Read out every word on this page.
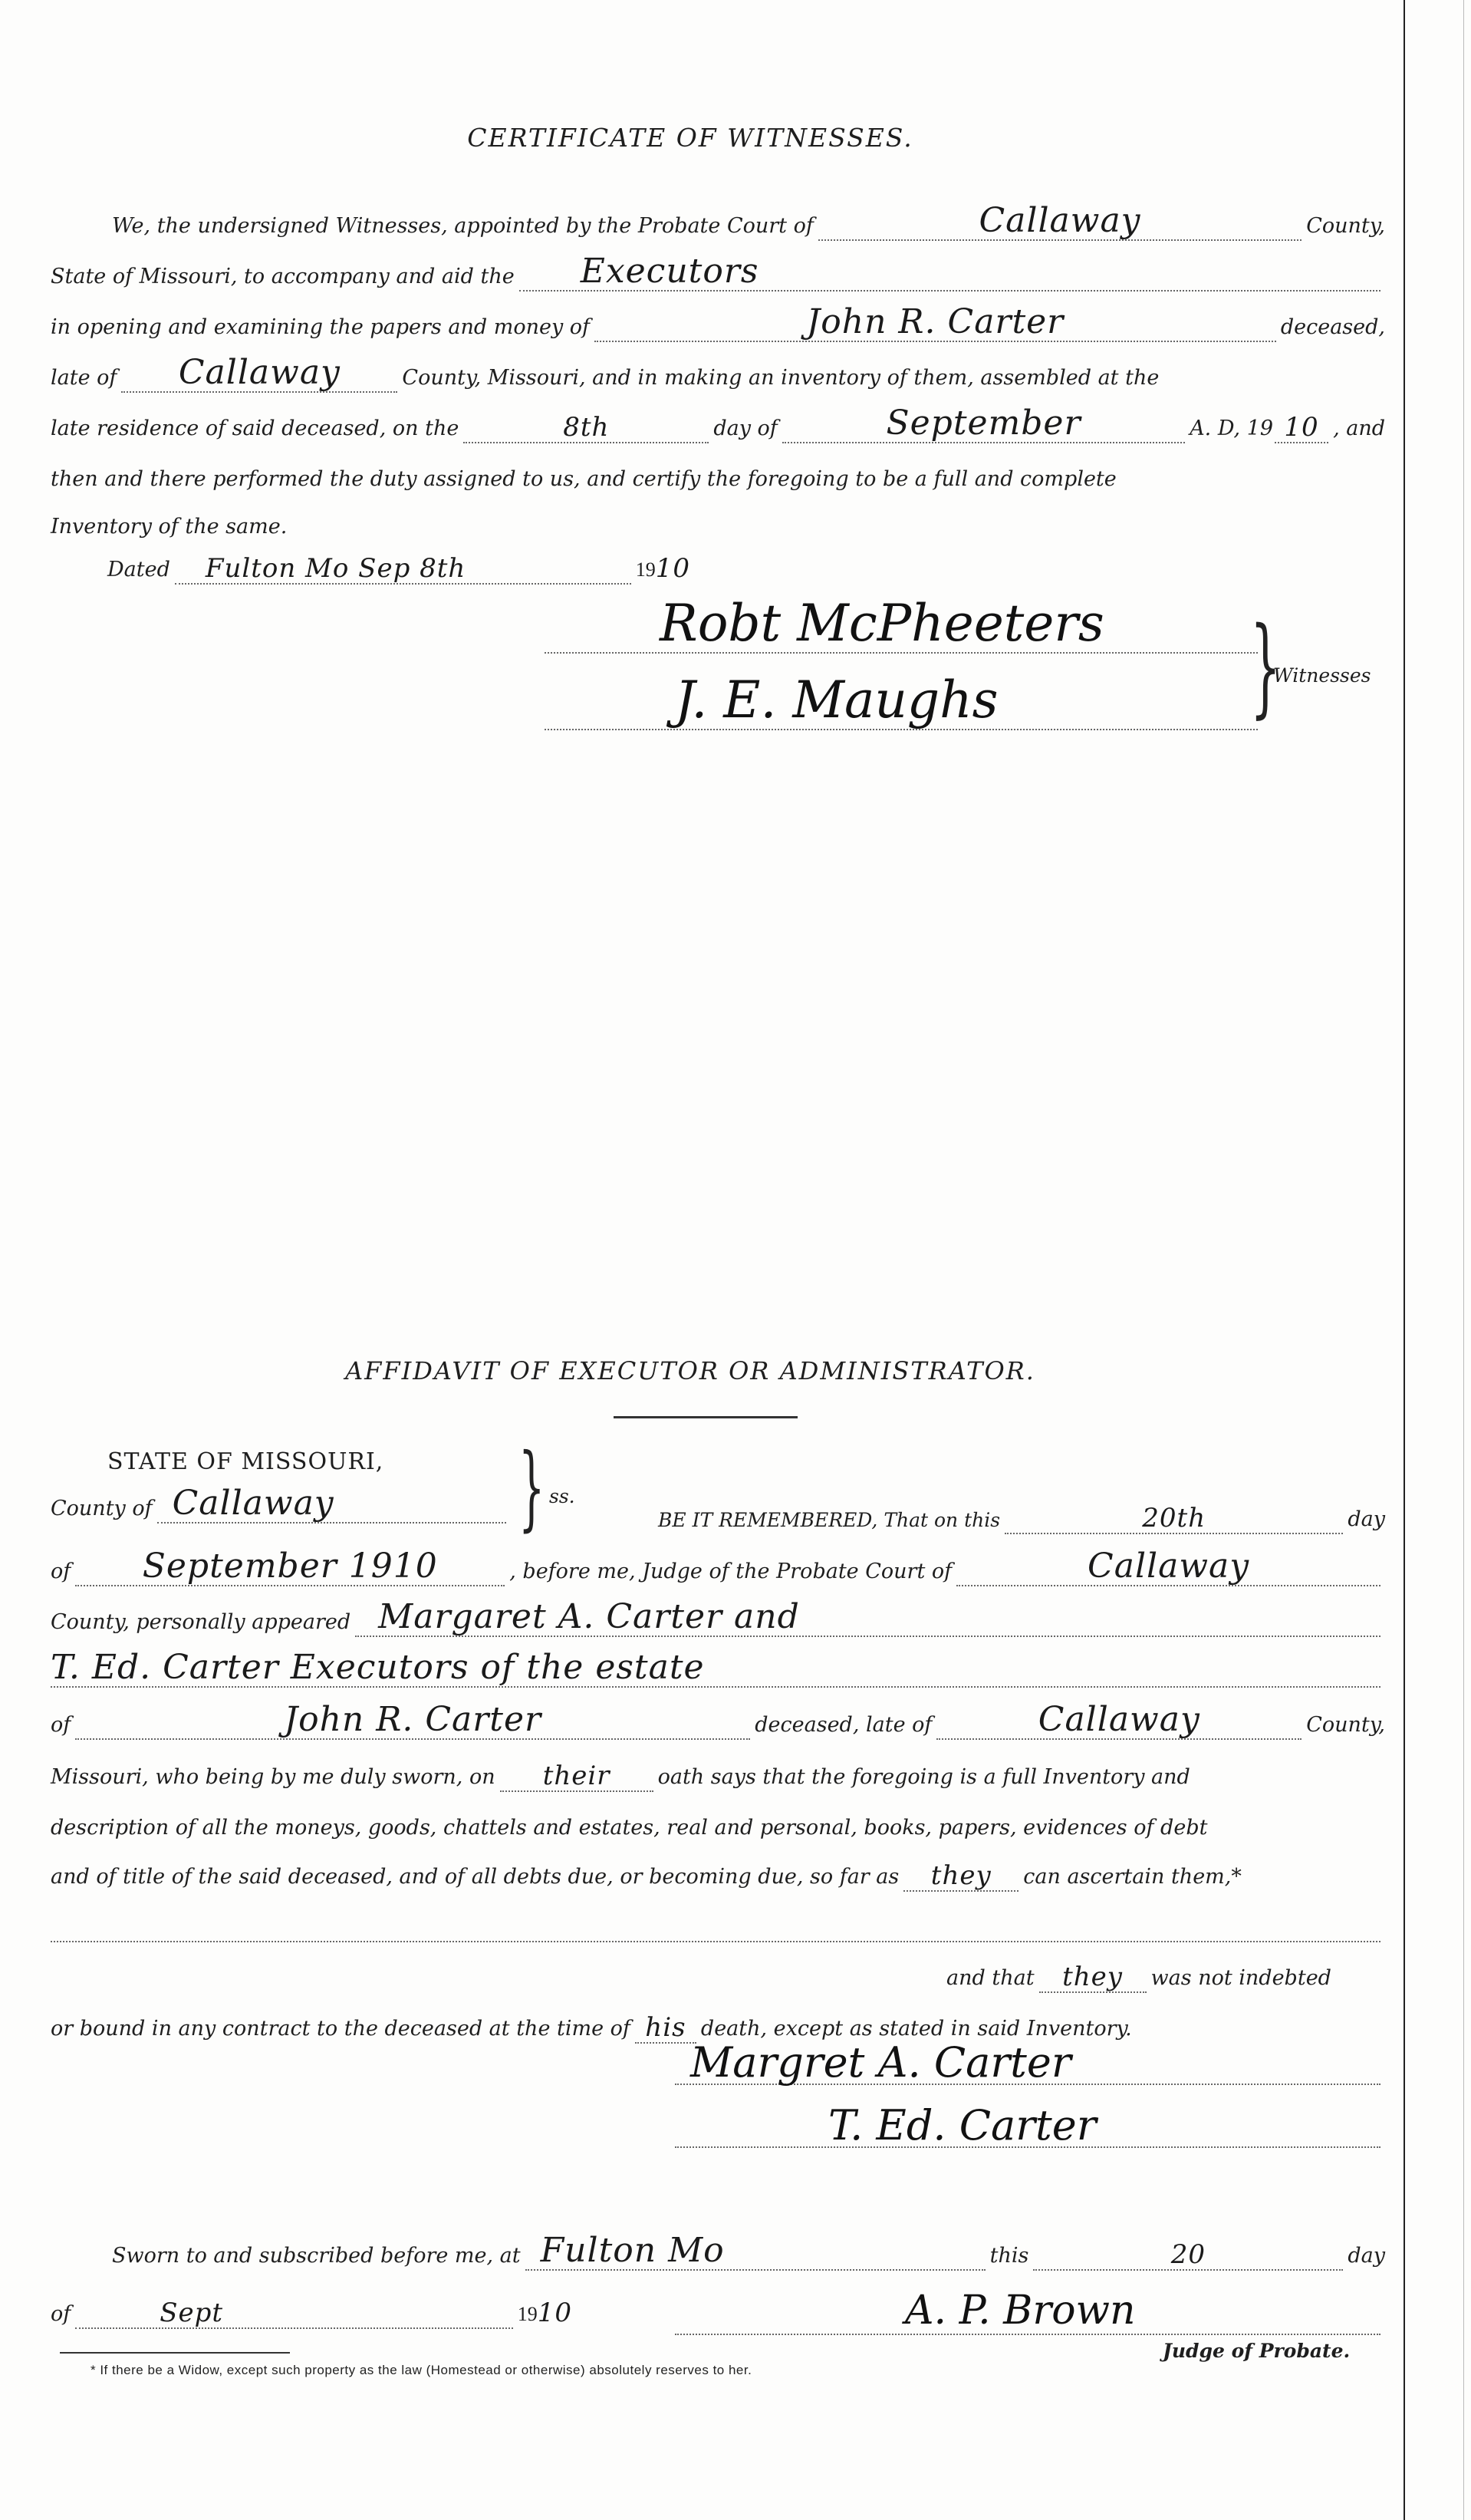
CERTIFICATE OF WITNESSES.
We, the undersigned Witnesses, appointed by the Probate Court of	Callaway	County,
State of Missouri, to accompany and aid the Executors
in opening and examining the papers and money of	John R. Carter	deceased,
late of Callaway	County, Missouri, and in making an inventory of them, assembled at the
late residence of said deceased, on the	8th	day of	September	A. D, 19 10 , and
then and there performed the duty assigned to us, and certify the foregoing to be a full and complete
Inventory of the same.
Dated Fulton Mo Sep 8th	19 10
Robt McPheeters
J. E. Maughs }
Witnesses
AFFIDAVIT OF EXECUTOR OR ADMINISTRATOR.
STATE OF MISSOURI,
County of Callaway } ss.
BE IT REMEMBERED, That on this	20th	day
of September 1910	, before me, Judge of the Probate Court of	Callaway
County, personally appeared Margaret A. Carter and
T. Ed. Carter Executors of the estate
of	John R. Carter	deceased, late of	Callaway	County,
Missouri, who being by me duly sworn, on their oath says that the foregoing is a full Inventory and
description of all the moneys, goods, chattels and estates, real and personal, books, papers, evidences of debt
and of title of the said deceased, and of all debts due, or becoming due, so far as they can ascertain them,*
and that they was not indebted
or bound in any contract to the deceased at the time of his death, except as stated in said Inventory.
Margret A. Carter
T. Ed. Carter
Sworn to and subscribed before me, at Fulton Mo	this	20	day
of	Sept	19 10	A. P. Brown
Judge of Probate.
* If there be a Widow, except such property as the law (Homestead or otherwise) absolutely reserves to her.
